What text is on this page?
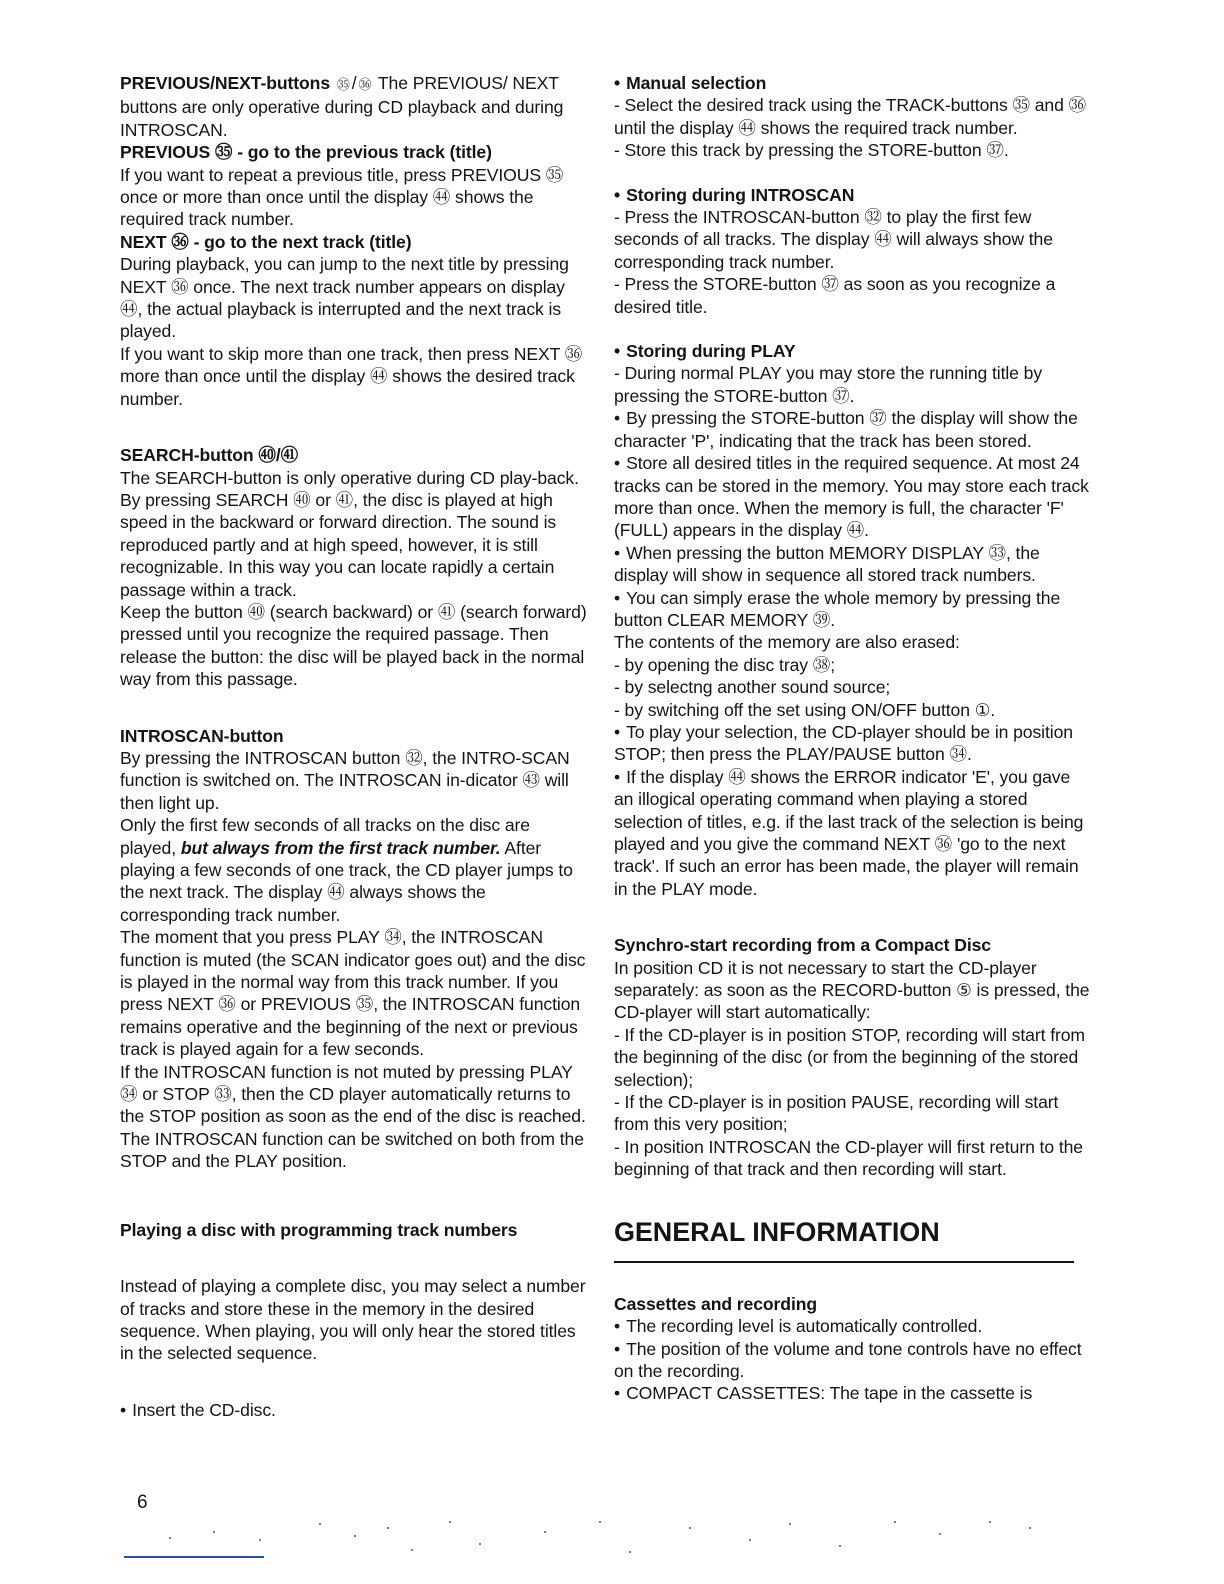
PREVIOUS/NEXT-buttons ㉟ / ㊱ The PREVIOUS/ NEXT buttons are only operative during CD playback and during INTROSCAN.

PREVIOUS ㉟ - go to the previous track (title)

If you want to repeat a previous title, press PREVIOUS ㉟ once or more than once until the display ㊹ shows the required track number.

NEXT ㊱ - go to the next track (title)

During playback, you can jump to the next title by pressing NEXT ㊱ once. The next track number appears on display ㊹, the actual playback is interrupted and the next track is played.

If you want to skip more than one track, then press NEXT ㊱ more than once until the display ㊹ shows the desired track number.

SEARCH-button ㊵/㊶

The SEARCH-button is only operative during CD play-back.

By pressing SEARCH ㊵ or ㊶, the disc is played at high speed in the backward or forward direction. The sound is reproduced partly and at high speed, however, it is still recognizable. In this way you can locate rapidly a certain passage within a track.

Keep the button ㊵ (search backward) or ㊶ (search forward) pressed until you recognize the required passage. Then release the button: the disc will be played back in the normal way from this passage.

INTROSCAN-button

By pressing the INTROSCAN button ㉜, the INTRO-SCAN function is switched on. The INTROSCAN in-dicator ㊸ will then light up.

Only the first few seconds of all tracks on the disc are played, but always from the first track number. After playing a few seconds of one track, the CD player jumps to the next track. The display ㊹ always shows the corresponding track number.

The moment that you press PLAY ㉞, the INTROSCAN function is muted (the SCAN indicator goes out) and the disc is played in the normal way from this track number. If you press NEXT ㊱ or PREVIOUS ㉟, the INTROSCAN function remains operative and the beginning of the next or previous track is played again for a few seconds.

If the INTROSCAN function is not muted by pressing PLAY ㉞ or STOP ㉝, then the CD player automatically returns to the STOP position as soon as the end of the disc is reached.

The INTROSCAN function can be switched on both from the STOP and the PLAY position.

Playing a disc with programming track numbers

Instead of playing a complete disc, you may select a number of tracks and store these in the memory in the desired sequence. When playing, you will only hear the stored titles in the selected sequence.

• Insert the CD-disc.

• Manual selection

- Select the desired track using the TRACK-buttons ㉟ and ㊱ until the display ㊹ shows the required track number.

- Store this track by pressing the STORE-button ㊲.

• Storing during INTROSCAN

- Press the INTROSCAN-button ㉜ to play the first few seconds of all tracks. The display ㊹ will always show the corresponding track number.

- Press the STORE-button ㊲ as soon as you recognize a desired title.

• Storing during PLAY

- During normal PLAY you may store the running title by pressing the STORE-button ㊲.

• By pressing the STORE-button ㊲ the display will show the character 'P', indicating that the track has been stored.

• Store all desired titles in the required sequence. At most 24 tracks can be stored in the memory. You may store each track more than once. When the memory is full, the character 'F' (FULL) appears in the display ㊹.

• When pressing the button MEMORY DISPLAY ㉝, the display will show in sequence all stored track numbers.

• You can simply erase the whole memory by pressing the button CLEAR MEMORY ㊴.

The contents of the memory are also erased:

- by opening the disc tray ㊳;

- by selectng another sound source;

- by switching off the set using ON/OFF button ①.

• To play your selection, the CD-player should be in position STOP; then press the PLAY/PAUSE button ㉞.

• If the display ㊹ shows the ERROR indicator 'E', you gave an illogical operating command when playing a stored selection of titles, e.g. if the last track of the selection is being played and you give the command NEXT ㊱ 'go to the next track'. If such an error has been made, the player will remain in the PLAY mode.

Synchro-start recording from a Compact Disc

In position CD it is not necessary to start the CD-player separately: as soon as the RECORD-button ⑤ is pressed, the CD-player will start automatically:

- If the CD-player is in position STOP, recording will start from the beginning of the disc (or from the beginning of the stored selection);

- If the CD-player is in position PAUSE, recording will start from this very position;

- In position INTROSCAN the CD-player will first return to the beginning of that track and then recording will start.

GENERAL INFORMATION

Cassettes and recording

• The recording level is automatically controlled.

• The position of the volume and tone controls have no effect on the recording.

• COMPACT CASSETTES: The tape in the cassette is

6
